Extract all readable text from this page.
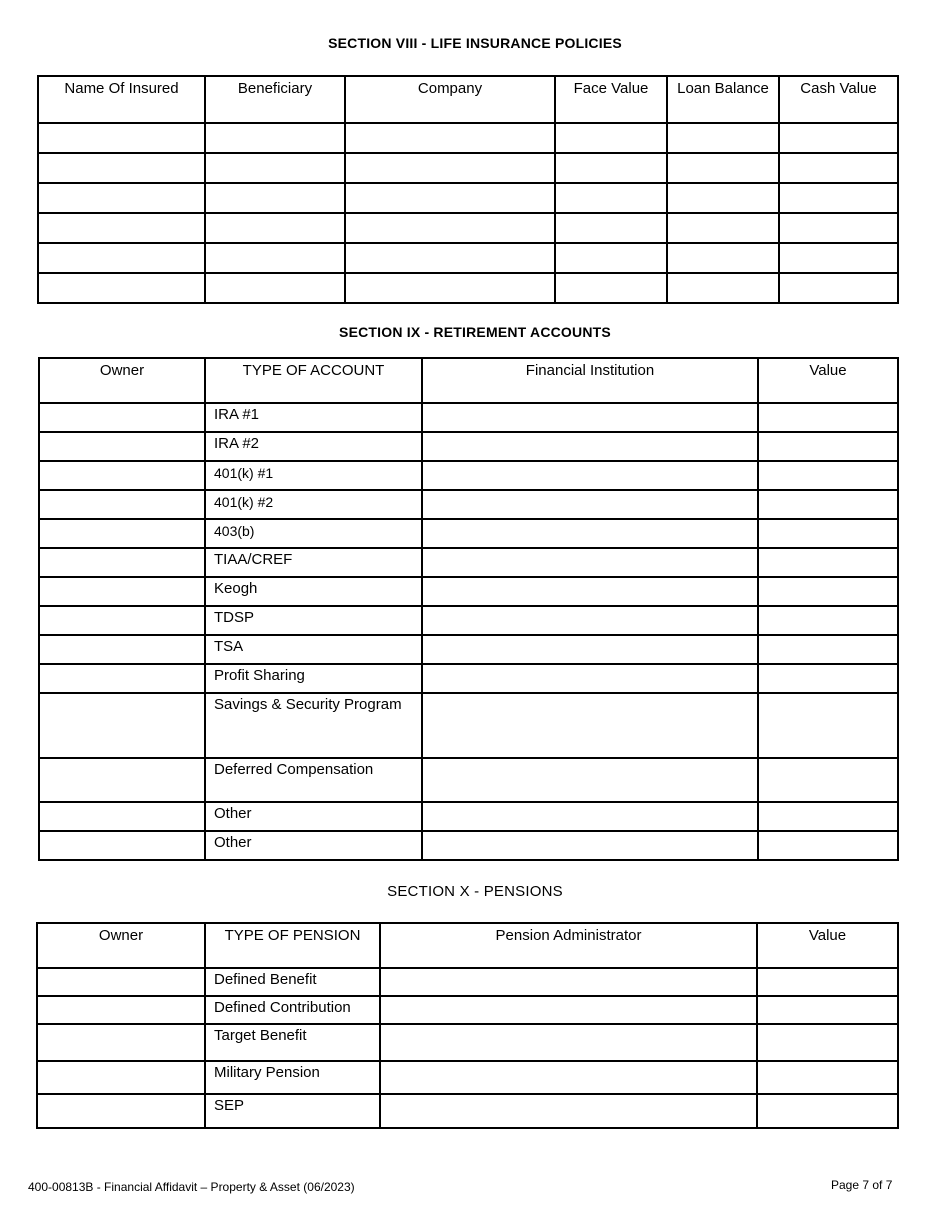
SECTION VIII - LIFE INSURANCE POLICIES
Name Of Insured	Beneficiary	Company	Face Value	Loan Balance	Cash Value

SECTION IX - RETIREMENT ACCOUNTS
Owner	TYPE OF ACCOUNT	Financial Institution	Value
	IRA #1		
	IRA #2		
	401(k) #1		
	401(k) #2		
	403(b)		
	TIAA/CREF		
	Keogh		
	TDSP		
	TSA		
	Profit Sharing		
	Savings & Security Program		
	Deferred Compensation		
	Other		
	Other		
SECTION X - PENSIONS
Owner	TYPE OF PENSION	Pension Administrator	Value
	Defined Benefit		
	Defined Contribution		
	Target Benefit		
	Military Pension		
	SEP		
400-00813B - Financial Affidavit – Property & Asset (06/2023)	Page 7 of 7
